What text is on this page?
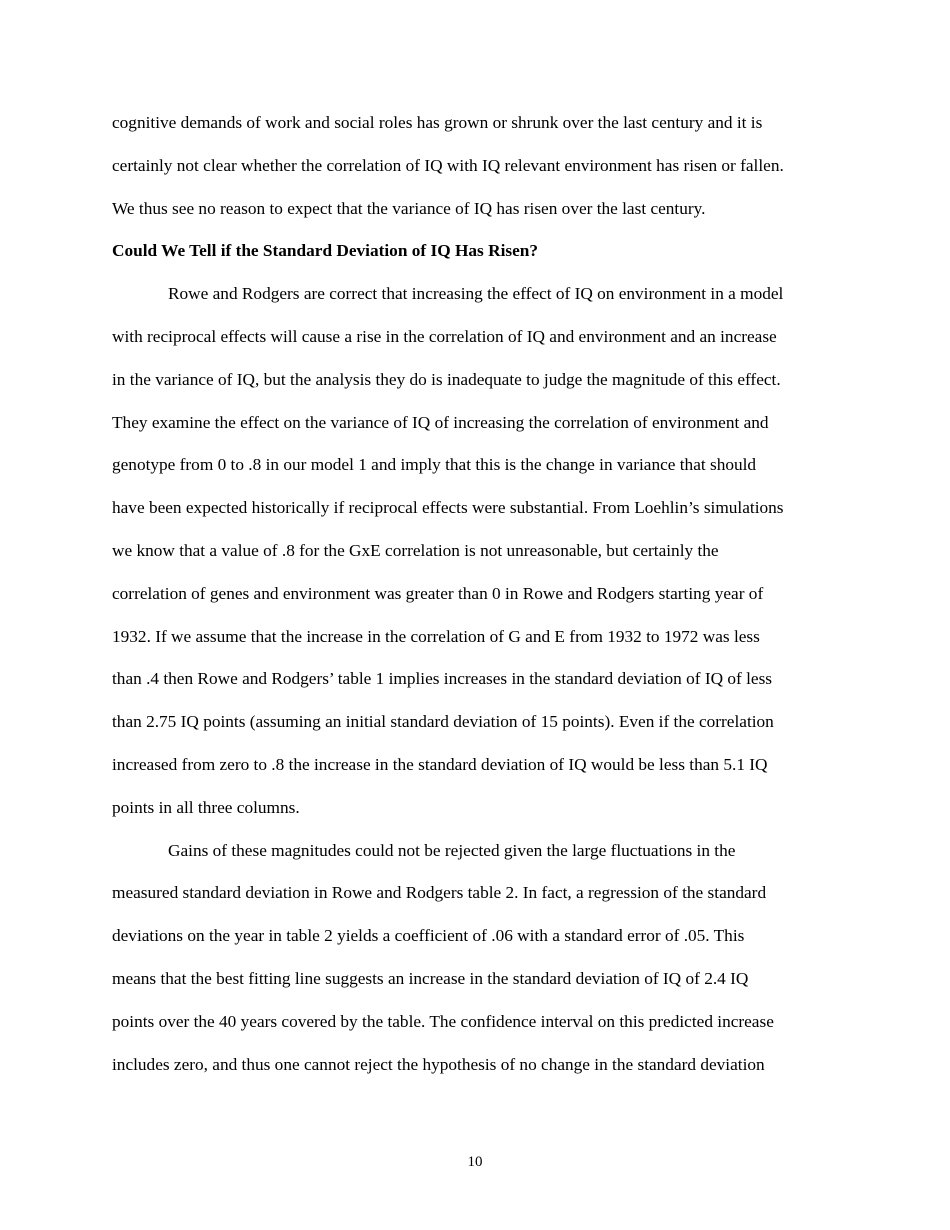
cognitive demands of work and social roles has grown or shrunk over the last century and it is
certainly not clear whether the correlation of IQ with IQ relevant environment has risen or fallen.
We thus see no reason to expect that the variance of IQ has risen over the last century.

Could We Tell if the Standard Deviation of IQ Has Risen?

Rowe and Rodgers are correct that increasing the effect of IQ on environment in a model
with reciprocal effects will cause a rise in the correlation of IQ and environment and an increase
in the variance of IQ, but the analysis they do is inadequate to judge the magnitude of this effect.
They examine the effect on the variance of IQ of increasing the correlation of environment and
genotype from 0 to .8 in our model 1 and imply that this is the change in variance that should
have been expected historically if reciprocal effects were substantial. From Loehlin’s simulations
we know that a value of .8 for the GxE correlation is not unreasonable, but certainly the
correlation of genes and environment was greater than 0 in Rowe and Rodgers starting year of
1932. If we assume that the increase in the correlation of G and E from 1932 to 1972 was less
than .4 then Rowe and Rodgers’ table 1 implies increases in the standard deviation of IQ of less
than 2.75 IQ points (assuming an initial standard deviation of 15 points). Even if the correlation
increased from zero to .8 the increase in the standard deviation of IQ would be less than 5.1 IQ
points in all three columns.

Gains of these magnitudes could not be rejected given the large fluctuations in the
measured standard deviation in Rowe and Rodgers table 2. In fact, a regression of the standard
deviations on the year in table 2 yields a coefficient of .06 with a standard error of .05. This
means that the best fitting line suggests an increase in the standard deviation of IQ of 2.4 IQ
points over the 40 years covered by the table. The confidence interval on this predicted increase
includes zero, and thus one cannot reject the hypothesis of no change in the standard deviation

10
